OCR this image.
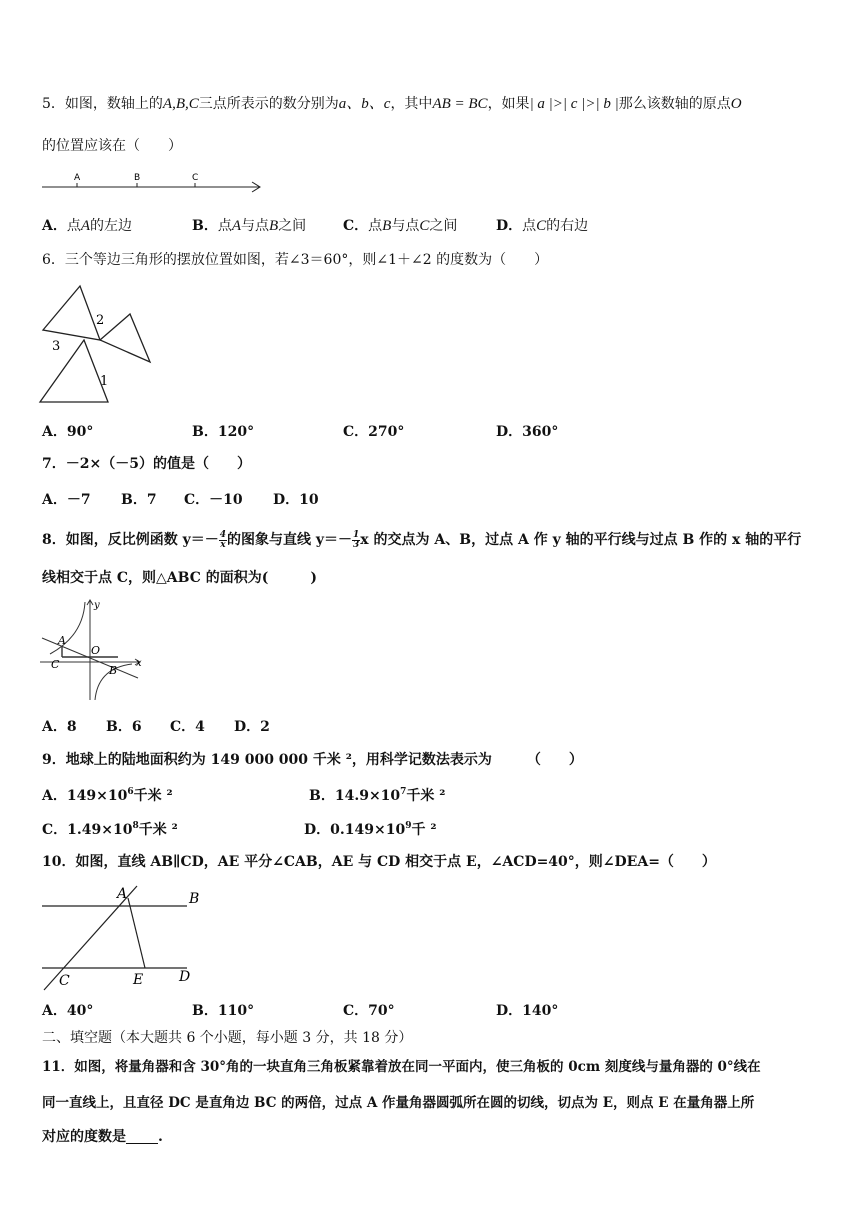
5．如图，数轴上的A,B,C三点所表示的数分别为a、b、c，其中AB = BC，如果| a |>| c |>| b |那么该数轴的原点O
的位置应该在（　　）
A	B	C
A．点A的左边	B．点A与点B之间	C．点B与点C之间	D．点C的右边
6．三个等边三角形的摆放位置如图，若∠3＝60°，则∠1＋∠2 的度数为（　　）
2
3
1
A．90°	B．120°	C．270°	D．360°
7．－2×（－5）的值是（　　）
A．－7 B．7 C．－10 D．10
8．如图，反比例函数 $y=- \frac{4}{x}$ 的图象与直线 $y=- \frac{1}{3}$ x 的交点为 A、B，过点 A 作 y 轴的平行线与过点 B 作的 x 轴的平行
线相交于点 C，则△ABC 的面积为(　　　)
y
A
O
C	B
x
A．8 B．6 C．4 D．2
9．地球上的陆地面积约为 149 000 000 千米 ²，用科学记数法表示为　　　（　　）
A．$149\times 10^6$千米 ²	B．$14.9\times 10^7$千米 ²
C．$1.49\times 10^8$千米 ²	D．$0.149\times 10^9$千 ²
10．如图，直线 AB∥CD，AE 平分∠CAB，AE 与 CD 相交于点 E，∠ACD=40°，则∠DEA=（　　）
A	B
C	E	D
A．40°	B．110°	C．70°	D．140°
二、填空题（本大题共 6 个小题，每小题 3 分，共 18 分）
11．如图，将量角器和含 30°角的一块直角三角板紧靠着放在同一平面内，使三角板的 0cm 刻度线与量角器的 0°线在
同一直线上，且直径 DC 是直角边 BC 的两倍，过点 A 作量角器圆弧所在圆的切线，切点为 E，则点 E 在量角器上所
对应的度数是 .
